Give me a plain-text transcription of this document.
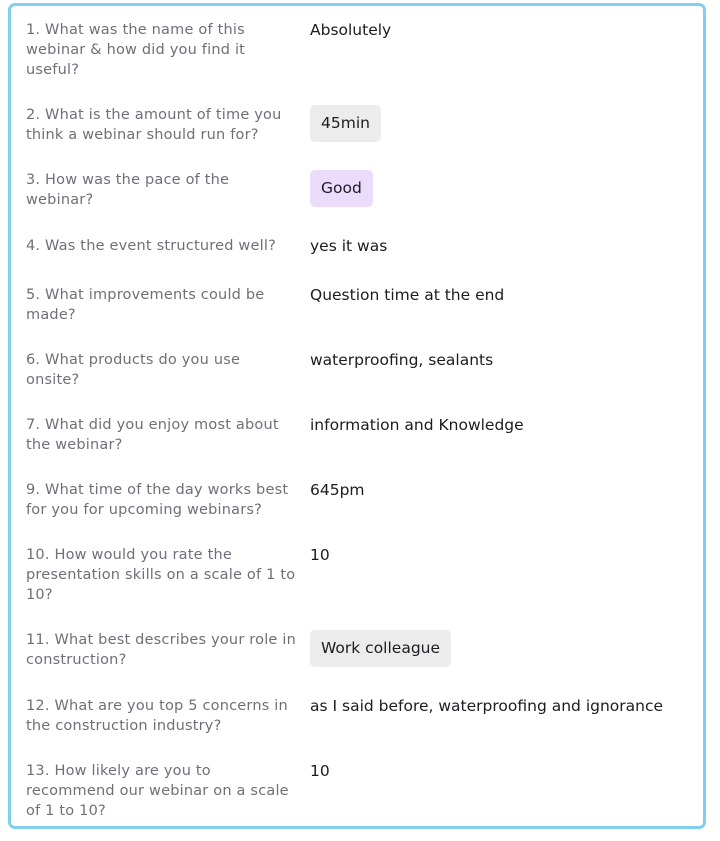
1. What was the name of this webinar & how did you find it useful?
Absolutely
2. What is the amount of time you think a webinar should run for?
45min
3. How was the pace of the webinar?
Good
4. Was the event structured well?	yes it was
5. What improvements could be made?
Question time at the end
6. What products do you use onsite?
waterproofing, sealants
7. What did you enjoy most about the webinar?
information and Knowledge
9. What time of the day works best for you for upcoming webinars?
645pm
10. How would you rate the presentation skills on a scale of 1 to 10?
10
11. What best describes your role in construction?
Work colleague
12. What are you top 5 concerns in the construction industry?
as I said before, waterproofing and ignorance
13. How likely are you to recommend our webinar on a scale of 1 to 10?
10
